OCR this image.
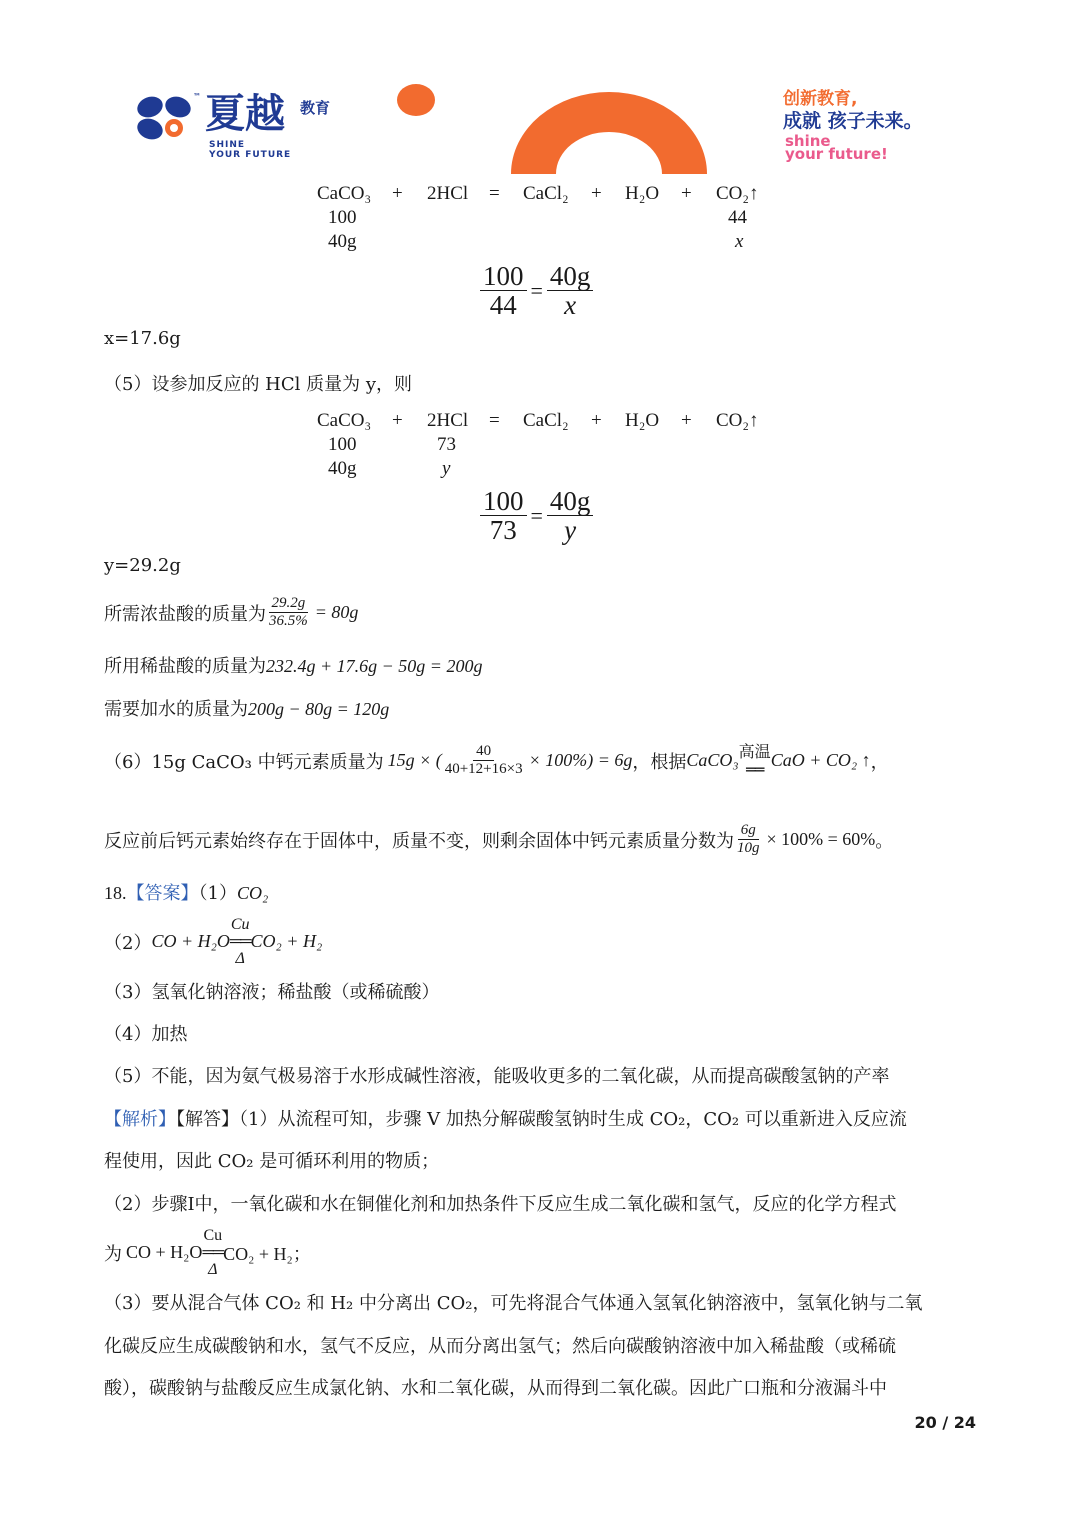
夏越 教育
™
SHINE
YOUR FUTURE
创新教育,
成就 孩子未来。
shine
your future!
CaCO₃ + 2HCl = CaCl₂ + H₂O + CO₂↑
100	44
40g	x
$\frac{100}{44} = \frac{40g}{x}$
x=17.6g
（5）设参加反应的 HCl 质量为 y，则
CaCO₃ + 2HCl = CaCl₂ + H₂O + CO₂↑
100	73
40g	y
$\frac{100}{73} = \frac{40g}{y}$
y=29.2g
所需浓盐酸的质量为 $\frac{29.2g}{36.5\%} = 80g$
所用稀盐酸的质量为232.4g + 17.6g − 50g = 200g
需要加水的质量为200g − 80g = 120g
（6）15g CaCO₃ 中钙元素质量为 15g × ( $\frac{40}{40+12+16\times 3} \times 100\%) = 6g$ ，根据 CaCO₃ 高温
══ CaO + CO₂ ↑ ，
反应前后钙元素始终存在于固体中，质量不变，则剩余固体中钙元素质量分数为 $\frac{6g}{10g} \times 100\% = 60\%$ 。
18.【答案】（1）CO₂
（2） CO + H₂O
Cu
══
Δ
CO₂ + H₂
（3）氢氧化钠溶液；稀盐酸（或稀硫酸）
（4）加热
（5）不能，因为氨气极易溶于水形成碱性溶液，能吸收更多的二氧化碳，从而提高碳酸氢钠的产率
【解析】【解答】（1）从流程可知，步骤 V 加热分解碳酸氢钠时生成 CO₂，CO₂ 可以重新进入反应流
程使用，因此 CO₂ 是可循环利用的物质；
（2）步骤I中，一氧化碳和水在铜催化剂和加热条件下反应生成二氧化碳和氢气，反应的化学方程式
为 CO + H₂O
Cu
══
Δ
CO₂ + H₂；
（3）要从混合气体 CO₂ 和 H₂ 中分离出 CO₂，可先将混合气体通入氢氧化钠溶液中，氢氧化钠与二氧
化碳反应生成碳酸钠和水，氢气不反应，从而分离出氢气；然后向碳酸钠溶液中加入稀盐酸（或稀硫
酸），碳酸钠与盐酸反应生成氯化钠、水和二氧化碳，从而得到二氧化碳。因此广口瓶和分液漏斗中
20 / 24
